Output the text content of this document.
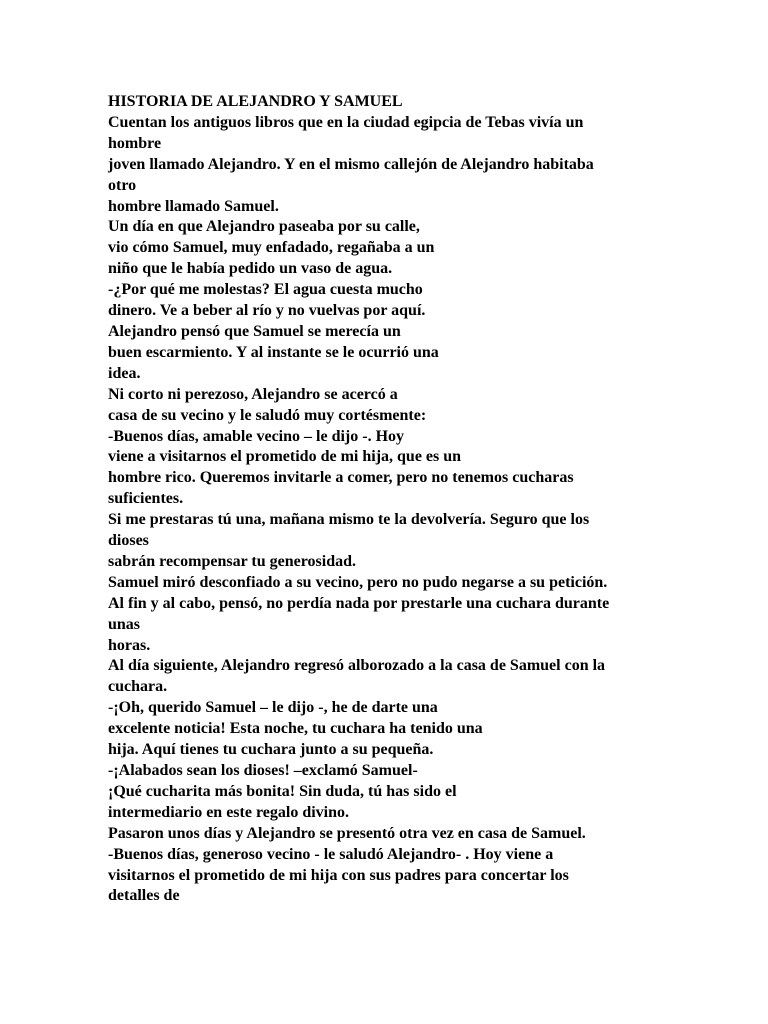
HISTORIA DE ALEJANDRO Y SAMUEL
Cuentan los antiguos libros que en la ciudad egipcia de Tebas vivía un
hombre
joven llamado Alejandro. Y en el mismo callejón de Alejandro habitaba
otro
hombre llamado Samuel.
Un día en que Alejandro paseaba por su calle,
vio cómo Samuel, muy enfadado, regañaba a un
niño que le había pedido un vaso de agua.
-¿Por qué me molestas? El agua cuesta mucho
dinero. Ve a beber al río y no vuelvas por aquí.
Alejandro pensó que Samuel se merecía un
buen escarmiento. Y al instante se le ocurrió una
idea.
Ni corto ni perezoso, Alejandro se acercó a
casa de su vecino y le saludó muy cortésmente:
-Buenos días, amable vecino – le dijo -. Hoy
viene a visitarnos el prometido de mi hija, que es un
hombre rico. Queremos invitarle a comer, pero no tenemos cucharas
suficientes.
Si me prestaras tú una, mañana mismo te la devolvería. Seguro que los
dioses
sabrán recompensar tu generosidad.
Samuel miró desconfiado a su vecino, pero no pudo negarse a su petición.
Al fin y al cabo, pensó, no perdía nada por prestarle una cuchara durante
unas
horas.
Al día siguiente, Alejandro regresó alborozado a la casa de Samuel con la
cuchara.
-¡Oh, querido Samuel – le dijo -, he de darte una
excelente noticia! Esta noche, tu cuchara ha tenido una
hija. Aquí tienes tu cuchara junto a su pequeña.
-¡Alabados sean los dioses! –exclamó Samuel-
¡Qué cucharita más bonita! Sin duda, tú has sido el
intermediario en este regalo divino.
Pasaron unos días y Alejandro se presentó otra vez en casa de Samuel.
-Buenos días, generoso vecino - le saludó Alejandro- . Hoy viene a
visitarnos el prometido de mi hija con sus padres para concertar los
detalles de
